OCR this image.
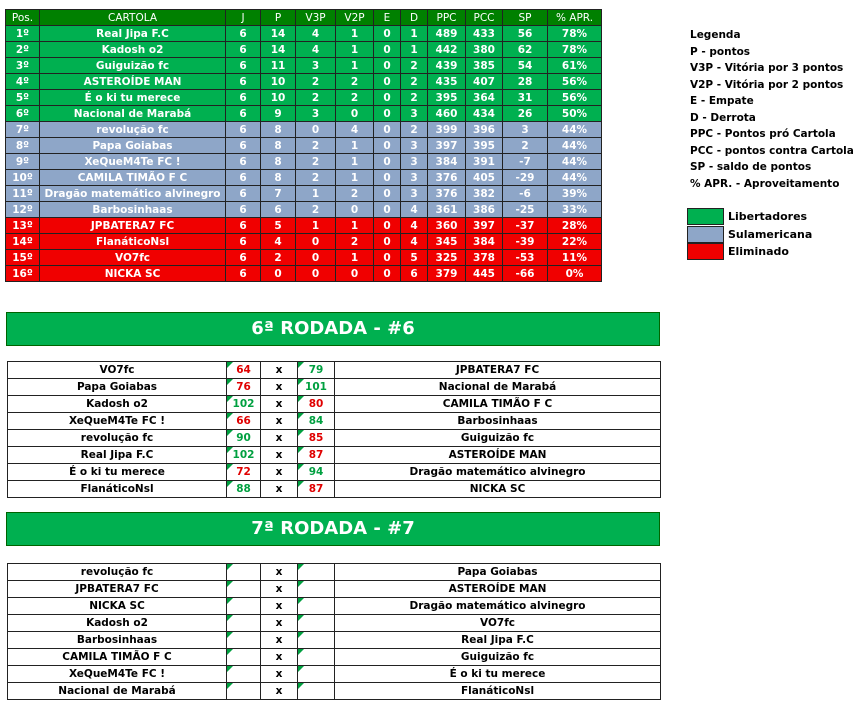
Pos.	CARTOLA	J	P	V3P	V2P	E	D	PPC	PCC	SP	% APR.
1º	Real Jipa F.C	6	14	4	1	0	1	489	433	56	78%
2º	Kadosh o2	6	14	4	1	0	1	442	380	62	78%
3º	Guiguizão fc	6	11	3	1	0	2	439	385	54	61%
4º	ASTEROÍDE MAN	6	10	2	2	0	2	435	407	28	56%
5º	É o ki tu merece	6	10	2	2	0	2	395	364	31	56%
6º	Nacional de Marabá	6	9	3	0	0	3	460	434	26	50%
7º	revolução fc	6	8	0	4	0	2	399	396	3	44%
8º	Papa Goiabas	6	8	2	1	0	3	397	395	2	44%
9º	XeQueM4Te FC !	6	8	2	1	0	3	384	391	-7	44%
10º	CAMILA TIMÃO F C	6	8	2	1	0	3	376	405	-29	44%
11º	Dragão matemático alvinegro	6	7	1	2	0	3	376	382	-6	39%
12º	Barbosinhaas	6	6	2	0	0	4	361	386	-25	33%
13º	JPBATERA7 FC	6	5	1	1	0	4	360	397	-37	28%
14º	FlanáticoNsl	6	4	0	2	0	4	345	384	-39	22%
15º	VO7fc	6	2	0	1	0	5	325	378	-53	11%
16º	NICKA SC	6	0	0	0	0	6	379	445	-66	0%
Legenda
P - pontos
V3P - Vitória por 3 pontos
V2P - Vitória por 2 pontos
E - Empate
D - Derrota
PPC - Pontos pró Cartola
PCC - pontos contra Cartola
SP - saldo de pontos
% APR. - Aproveitamento
Libertadores
Sulamericana
Eliminado
6ª RODADA - #6
VO7fc	64	x	79	JPBATERA7 FC
Papa Goiabas	76	x	101	Nacional de Marabá
Kadosh o2	102	x	80	CAMILA TIMÃO F C
XeQueM4Te FC !	66	x	84	Barbosinhaas
revolução fc	90	x	85	Guiguizão fc
Real Jipa F.C	102	x	87	ASTEROÍDE MAN
É o ki tu merece	72	x	94	Dragão matemático alvinegro
FlanáticoNsl	88	x	87	NICKA SC
7ª RODADA - #7
revolução fc		x		Papa Goiabas
JPBATERA7 FC		x		ASTEROÍDE MAN
NICKA SC		x		Dragão matemático alvinegro
Kadosh o2		x		VO7fc
Barbosinhaas		x		Real Jipa F.C
CAMILA TIMÃO F C		x		Guiguizão fc
XeQueM4Te FC !		x		É o ki tu merece
Nacional de Marabá		x		FlanáticoNsl
